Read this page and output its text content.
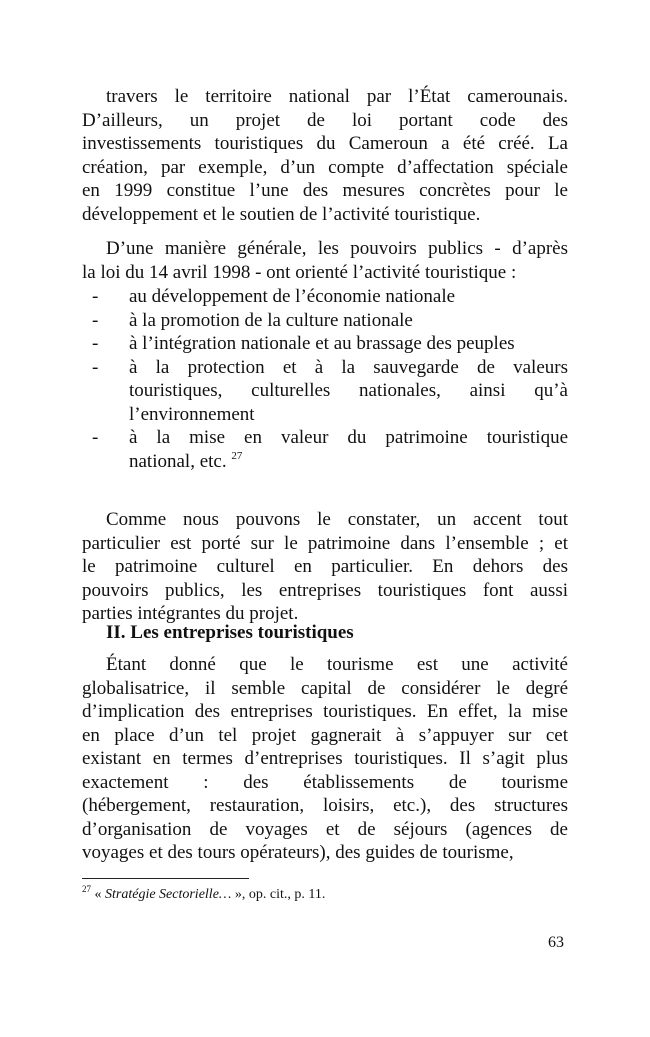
travers le territoire national par l’État camerounais.
D’ailleurs, un projet de loi portant code des
investissements touristiques du Cameroun a été créé. La
création, par exemple, d’un compte d’affectation spéciale
en 1999 constitue l’une des mesures concrètes pour le
développement et le soutien de l’activité touristique.
D’une manière générale, les pouvoirs publics - d’après
la loi du 14 avril 1998 - ont orienté l’activité touristique :
- au développement de l’économie nationale
- à la promotion de la culture nationale
- à l’intégration nationale et au brassage des peuples
- à la protection et à la sauvegarde de valeurs
touristiques, culturelles nationales, ainsi qu’à
l’environnement
- à la mise en valeur du patrimoine touristique
national, etc. $^{27}$
Comme nous pouvons le constater, un accent tout
particulier est porté sur le patrimoine dans l’ensemble ; et
le patrimoine culturel en particulier. En dehors des
pouvoirs publics, les entreprises touristiques font aussi
parties intégrantes du projet.
II. Les entreprises touristiques
Étant donné que le tourisme est une activité
globalisatrice, il semble capital de considérer le degré
d’implication des entreprises touristiques. En effet, la mise
en place d’un tel projet gagnerait à s’appuyer sur cet
existant en termes d’entreprises touristiques. Il s’agit plus
exactement : des établissements de tourisme
(hébergement, restauration, loisirs, etc.), des structures
d’organisation de voyages et de séjours (agences de
voyages et des tours opérateurs), des guides de tourisme,
$^{27}$ « Stratégie Sectorielle… », op. cit., p. 11.
63
